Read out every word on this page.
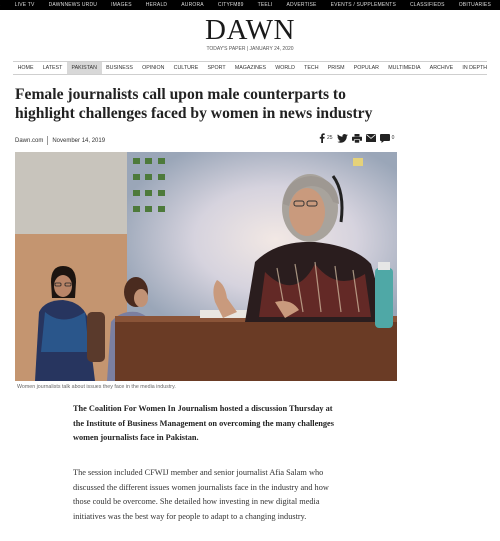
LIVE TV	DAWNNEWS URDU	IMAGES	HERALD	AURORA	CITYFM89	TEELI	ADVERTISE	EVENTS / SUPPLEMENTS	CLASSIFIEDS	OBITUARIES
DAWN
TODAY'S PAPER | JANUARY 24, 2020
HOME	LATEST	PAKISTAN	BUSINESS	OPINION	CULTURE	SPORT	MAGAZINES	WORLD	TECH	PRISM	POPULAR	MULTIMEDIA	ARCHIVE	IN DEPTH
Female journalists call upon male counterparts to highlight challenges faced by women in news industry
Dawn.com November 14, 2019	25	0
Women journalists talk about issues they face in the media industry.

The Coalition For Women In Journalism hosted a discussion Thursday at the Institute of Business Management on overcoming the many challenges women journalists face in Pakistan.

The session included CFWIJ member and senior journalist Afia Salam who discussed the different issues women journalists face in the industry and how those could be overcome. She detailed how investing in new digital media initiatives was the best way for people to adapt to a changing industry.
